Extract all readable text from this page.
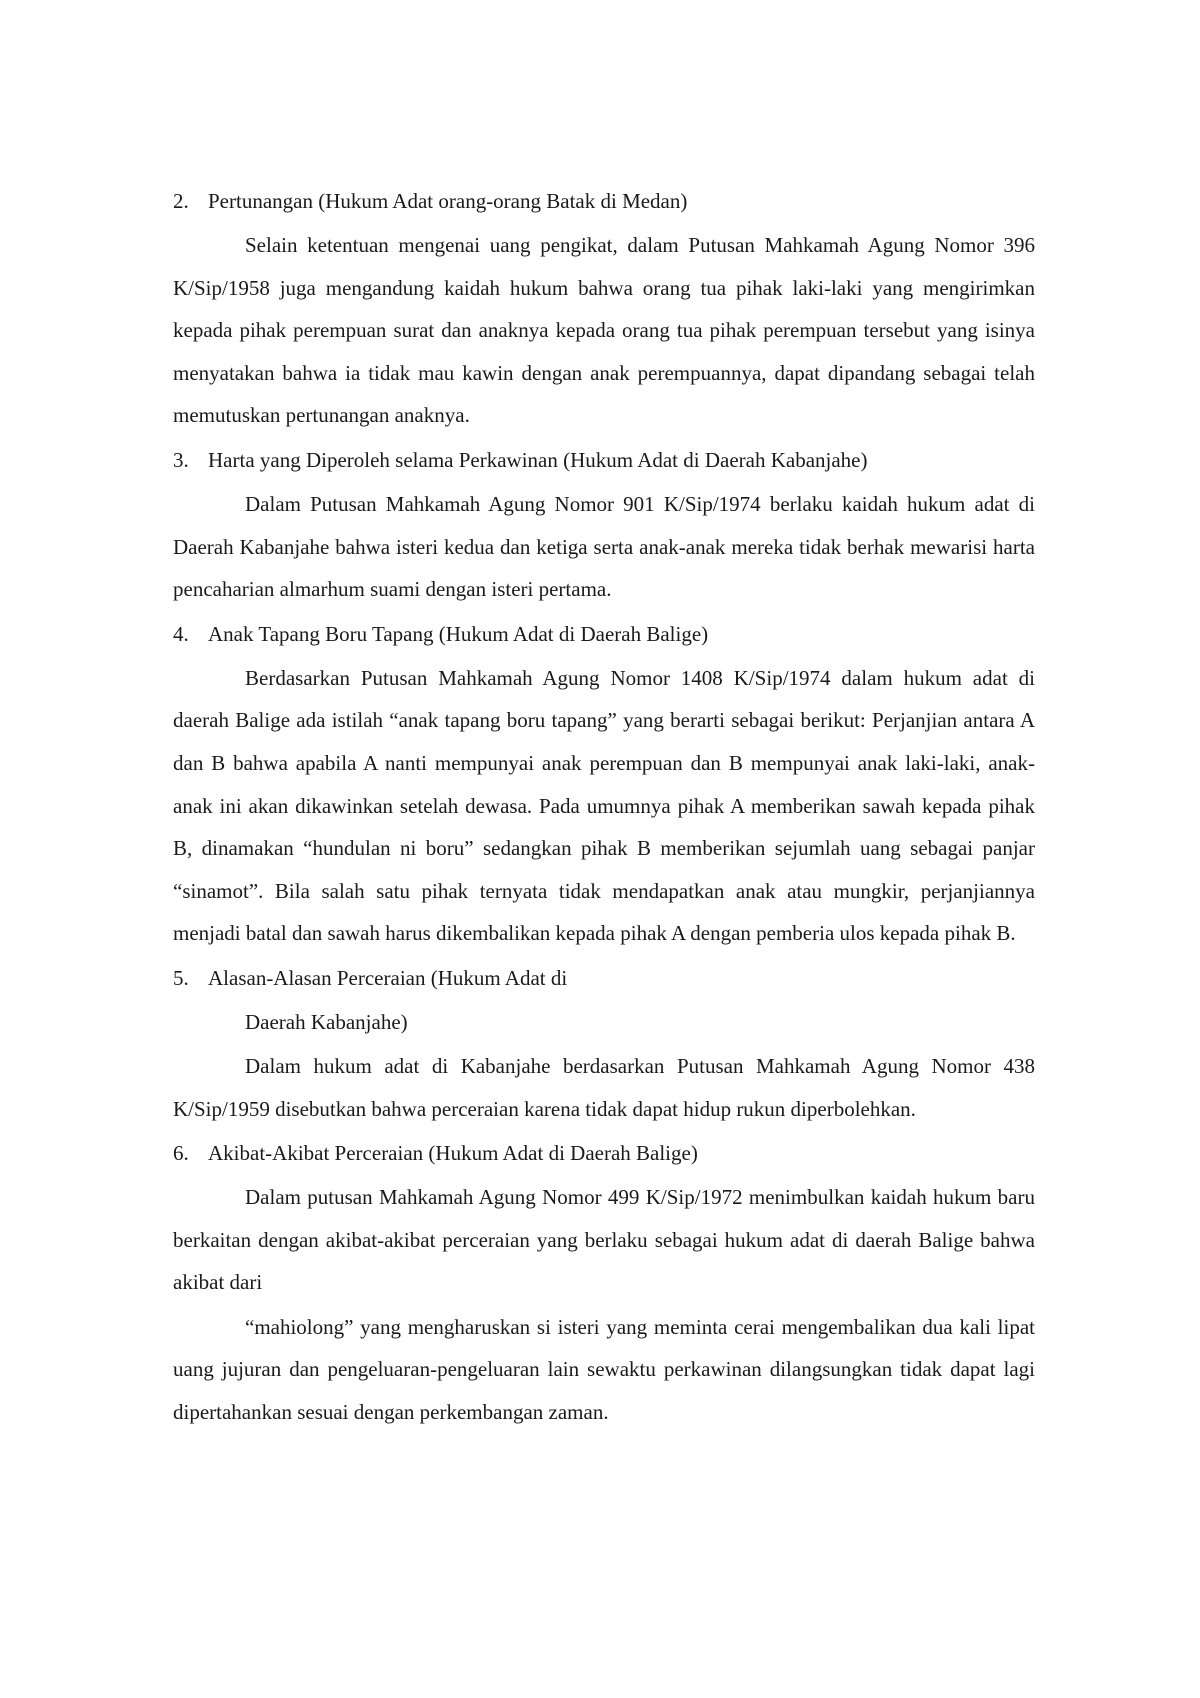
2. Pertunangan (Hukum Adat orang-orang Batak di Medan)

Selain ketentuan mengenai uang pengikat, dalam Putusan Mahkamah Agung Nomor 396 K/Sip/1958 juga mengandung kaidah hukum bahwa orang tua pihak laki-laki yang mengirimkan kepada pihak perempuan surat dan anaknya kepada orang tua pihak perempuan tersebut yang isinya menyatakan bahwa ia tidak mau kawin dengan anak perempuannya, dapat dipandang sebagai telah memutuskan pertunangan anaknya.

3. Harta yang Diperoleh selama Perkawinan (Hukum Adat di Daerah Kabanjahe)

Dalam Putusan Mahkamah Agung Nomor 901 K/Sip/1974 berlaku kaidah hukum adat di Daerah Kabanjahe bahwa isteri kedua dan ketiga serta anak-anak mereka tidak berhak mewarisi harta pencaharian almarhum suami dengan isteri pertama.

4. Anak Tapang Boru Tapang (Hukum Adat di Daerah Balige)

Berdasarkan Putusan Mahkamah Agung Nomor 1408 K/Sip/1974 dalam hukum adat di daerah Balige ada istilah “anak tapang boru tapang” yang berarti sebagai berikut: Perjanjian antara A dan B bahwa apabila A nanti mempunyai anak perempuan dan B mempunyai anak laki-laki, anak-anak ini akan dikawinkan setelah dewasa. Pada umumnya pihak A memberikan sawah kepada pihak B, dinamakan “hundulan ni boru” sedangkan pihak B memberikan sejumlah uang sebagai panjar “sinamot”. Bila salah satu pihak ternyata tidak mendapatkan anak atau mungkir, perjanjiannya menjadi batal dan sawah harus dikembalikan kepada pihak A dengan pemberia ulos kepada pihak B.

5. Alasan-Alasan Perceraian (Hukum Adat di
Daerah Kabanjahe)

Dalam hukum adat di Kabanjahe berdasarkan Putusan Mahkamah Agung Nomor 438 K/Sip/1959 disebutkan bahwa perceraian karena tidak dapat hidup rukun diperbolehkan.

6. Akibat-Akibat Perceraian (Hukum Adat di Daerah Balige)

Dalam putusan Mahkamah Agung Nomor 499 K/Sip/1972 menimbulkan kaidah hukum baru berkaitan dengan akibat-akibat perceraian yang berlaku sebagai hukum adat di daerah Balige bahwa akibat dari

“mahiolong” yang mengharuskan si isteri yang meminta cerai mengembalikan dua kali lipat uang jujuran dan pengeluaran-pengeluaran lain sewaktu perkawinan dilangsungkan tidak dapat lagi dipertahankan sesuai dengan perkembangan zaman.
